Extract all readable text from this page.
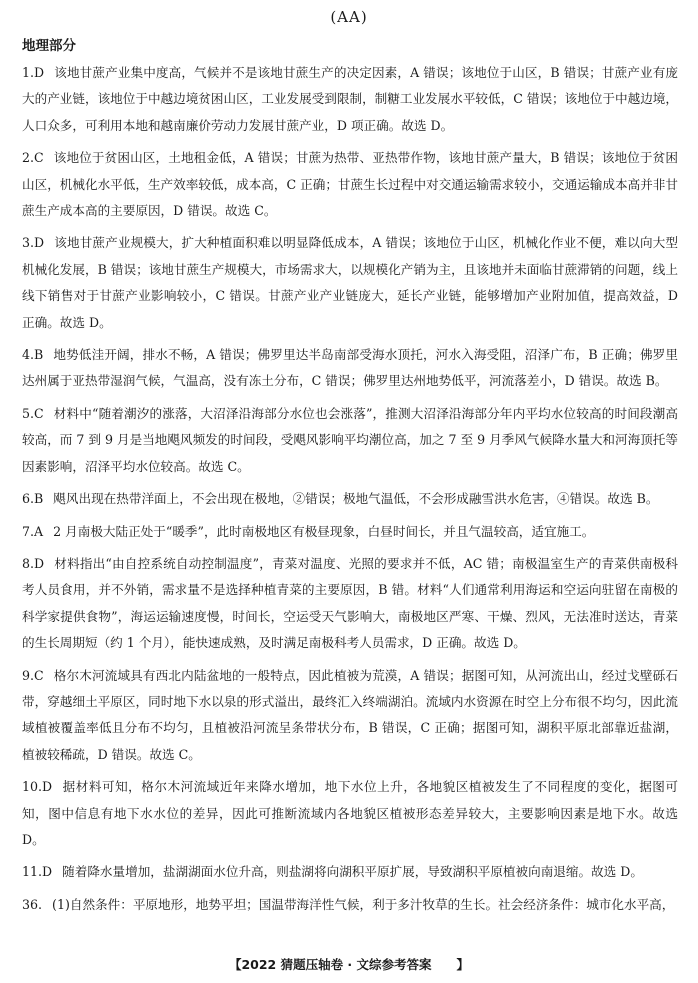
(AA)
地理部分

1.D 该地甘蔗产业集中度高，气候并不是该地甘蔗生产的决定因素，A 错误；该地位于山区，B 错误；甘蔗产业有庞大的产业链，该地位于中越边境贫困山区，工业发展受到限制，制糖工业发展水平较低，C 错误；该地位于中越边境，人口众多，可利用本地和越南廉价劳动力发展甘蔗产业，D 项正确。故选 D。

2.C 该地位于贫困山区，土地租金低，A 错误；甘蔗为热带、亚热带作物，该地甘蔗产量大，B 错误；该地位于贫困山区，机械化水平低，生产效率较低，成本高，C 正确；甘蔗生长过程中对交通运输需求较小，交通运输成本高并非甘蔗生产成本高的主要原因，D 错误。故选 C。

3.D 该地甘蔗产业规模大，扩大种植面积难以明显降低成本，A 错误；该地位于山区，机械化作业不便，难以向大型机械化发展，B 错误；该地甘蔗生产规模大，市场需求大，以规模化产销为主，且该地并未面临甘蔗滞销的问题，线上线下销售对于甘蔗产业影响较小，C 错误。甘蔗产业产业链庞大，延长产业链，能够增加产业附加值，提高效益，D 正确。故选 D。

4.B 地势低洼开阔，排水不畅，A 错误；佛罗里达半岛南部受海水顶托，河水入海受阻，沼泽广布，B 正确；佛罗里达州属于亚热带湿润气候，气温高，没有冻土分布，C 错误；佛罗里达州地势低平，河流落差小，D 错误。故选 B。

5.C 材料中“随着潮汐的涨落，大沼泽沿海部分水位也会涨落”，推测大沼泽沿海部分年内平均水位较高的时间段潮高较高，而 7 到 9 月是当地飓风频发的时间段，受飓风影响平均潮位高，加之 7 至 9 月季风气候降水量大和河海顶托等因素影响，沼泽平均水位较高。故选 C。

6.B 飓风出现在热带洋面上，不会出现在极地，②错误；极地气温低，不会形成融雪洪水危害，④错误。故选 B。

7.A 2 月南极大陆正处于“暖季”，此时南极地区有极昼现象，白昼时间长，并且气温较高，适宜施工。

8.D 材料指出“由自控系统自动控制温度”，青菜对温度、光照的要求并不低，AC 错；南极温室生产的青菜供南极科考人员食用，并不外销，需求量不是选择种植青菜的主要原因，B 错。材料“人们通常利用海运和空运向驻留在南极的科学家提供食物”，海运运输速度慢，时间长，空运受天气影响大，南极地区严寒、干燥、烈风，无法准时送达，青菜的生长周期短（约 1 个月），能快速成熟，及时满足南极科考人员需求，D 正确。故选 D。

9.C 格尔木河流域具有西北内陆盆地的一般特点，因此植被为荒漠，A 错误；据图可知，从河流出山，经过戈壁砾石带，穿越细土平原区，同时地下水以泉的形式溢出，最终汇入终端湖泊。流域内水资源在时空上分布很不均匀，因此流域植被覆盖率低且分布不均匀，且植被沿河流呈条带状分布，B 错误，C 正确；据图可知，湖积平原北部靠近盐湖，植被较稀疏，D 错误。故选 C。

10.D 据材料可知，格尔木河流域近年来降水增加，地下水位上升，各地貌区植被发生了不同程度的变化，据图可知，图中信息有地下水水位的差异，因此可推断流域内各地貌区植被形态差异较大，主要影响因素是地下水。故选 D。

11.D 随着降水量增加，盐湖湖面水位升高，则盐湖将向湖积平原扩展，导致湖积平原植被向南退缩。故选 D。

36. (1)自然条件：平原地形，地势平坦；国温带海洋性气候，利于多汁牧草的生长。社会经济条件：城市化水平高，

【2022 猜题压轴卷 · 文综参考答案　　】
